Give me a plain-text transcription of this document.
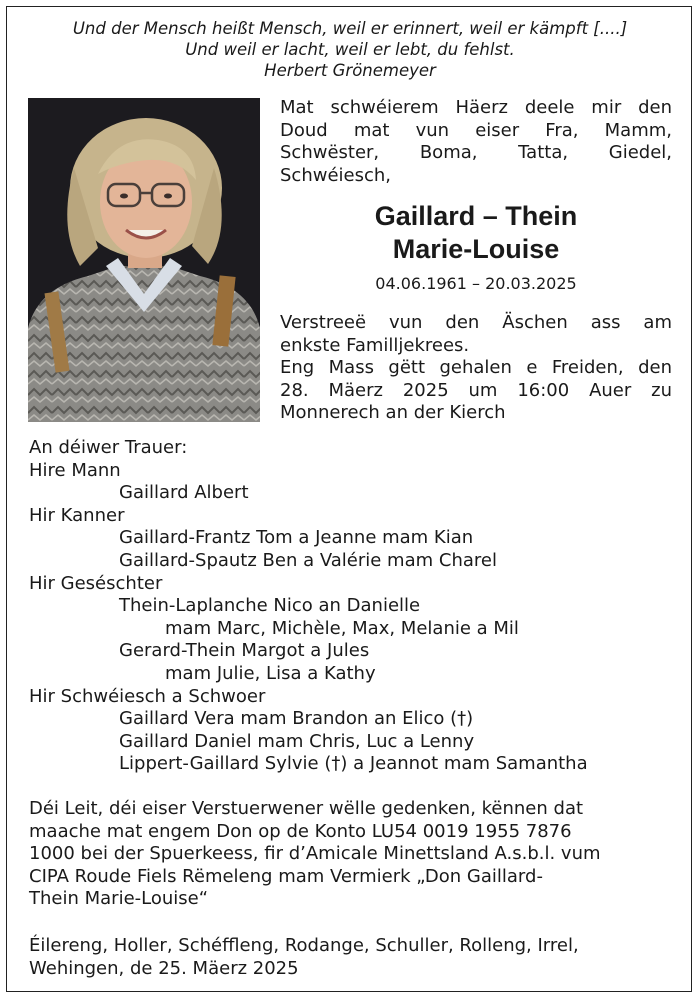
Und der Mensch heißt Mensch, weil er erinnert, weil er kämpft [....]
Und weil er lacht, weil er lebt, du fehlst.
Herbert Grönemeyer
Mat schwéierem Häerz deele mir den
Doud mat vun eiser Fra, Mamm,
Schwëster, Boma, Tatta, Giedel,
Schwéiesch,
Gaillard – Thein
Marie-Louise
04.06.1961 – 20.03.2025
Verstreeë vun den Äschen ass am
enkste Familljekrees.
Eng Mass gëtt gehalen e Freiden, den
28. Mäerz 2025 um 16:00 Auer zu
Monnerech an der Kierch
An déiwer Trauer:
Hire Mann
Gaillard Albert
Hir Kanner
Gaillard-Frantz Tom a Jeanne mam Kian
Gaillard-Spautz Ben a Valérie mam Charel
Hir Geséschter
Thein-Laplanche Nico an Danielle
mam Marc, Michèle, Max, Melanie a Mil
Gerard-Thein Margot a Jules
mam Julie, Lisa a Kathy
Hir Schwéiesch a Schwoer
Gaillard Vera mam Brandon an Elico (†)
Gaillard Daniel mam Chris, Luc a Lenny
Lippert-Gaillard Sylvie (†) a Jeannot mam Samantha
Déi Leit, déi eiser Verstuerwener wëlle gedenken, kënnen dat
maache mat engem Don op de Konto LU54 0019 1955 7876
1000 bei der Spuerkeess, fir d’Amicale Minettsland A.s.b.l. vum
CIPA Roude Fiels Rëmeleng mam Vermierk „Don Gaillard-
Thein Marie-Louise“
Éilereng, Holler, Schéffleng, Rodange, Schuller, Rolleng, Irrel,
Wehingen, de 25. Mäerz 2025
